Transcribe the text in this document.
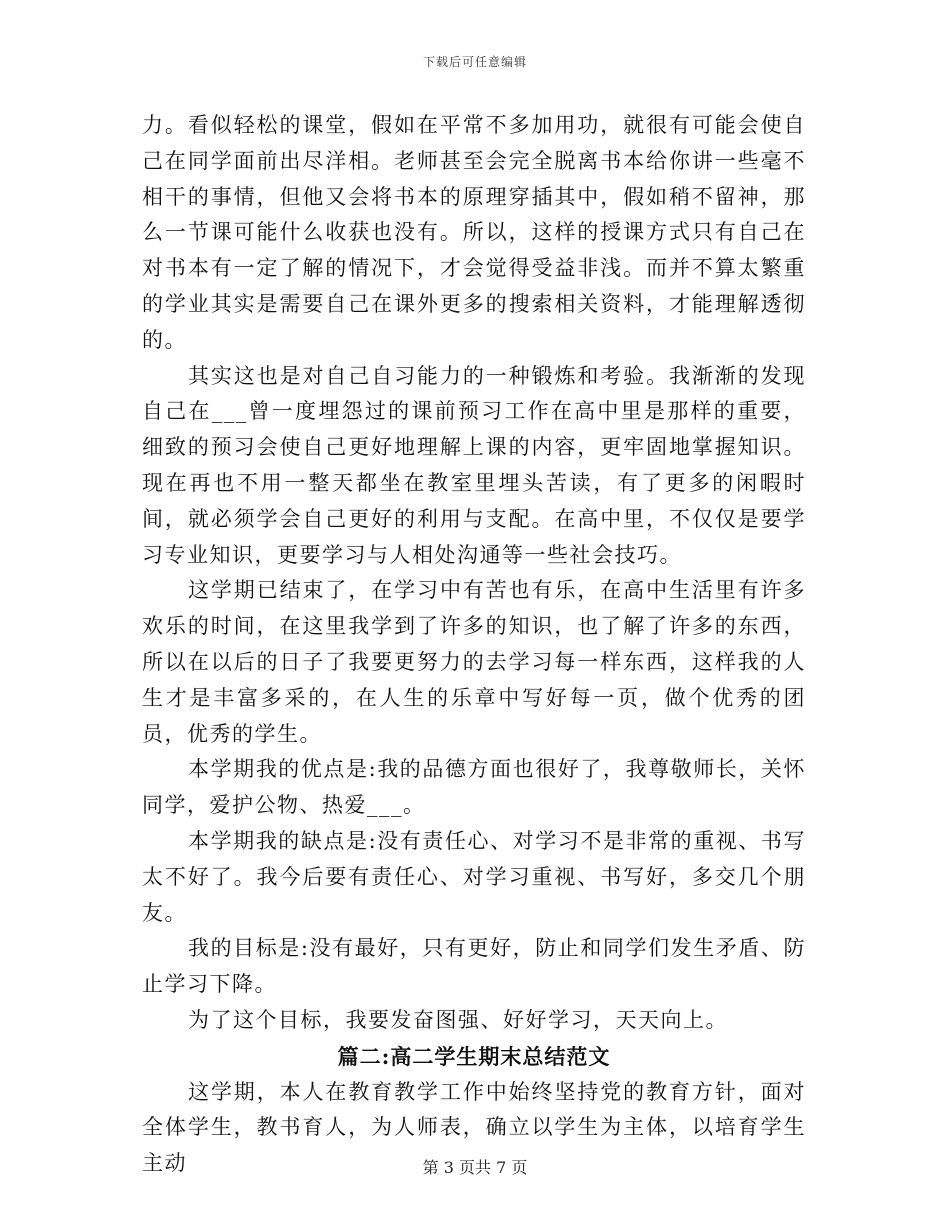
下载后可任意编辑

力。看似轻松的课堂，假如在平常不多加用功，就很有可能会使自己在同学面前出尽洋相。老师甚至会完全脱离书本给你讲一些毫不相干的事情，但他又会将书本的原理穿插其中，假如稍不留神，那么一节课可能什么收获也没有。所以，这样的授课方式只有自己在对书本有一定了解的情况下，才会觉得受益非浅。而并不算太繁重的学业其实是需要自己在课外更多的搜索相关资料，才能理解透彻的。

其实这也是对自己自习能力的一种锻炼和考验。我渐渐的发现自己在___曾一度埋怨过的课前预习工作在高中里是那样的重要，细致的预习会使自己更好地理解上课的内容，更牢固地掌握知识。现在再也不用一整天都坐在教室里埋头苦读，有了更多的闲暇时间，就必须学会自己更好的利用与支配。在高中里，不仅仅是要学习专业知识，更要学习与人相处沟通等一些社会技巧。

这学期已结束了，在学习中有苦也有乐，在高中生活里有许多欢乐的时间，在这里我学到了许多的知识，也了解了许多的东西，所以在以后的日子了我要更努力的去学习每一样东西，这样我的人生才是丰富多采的，在人生的乐章中写好每一页，做个优秀的团员，优秀的学生。

本学期我的优点是:我的品德方面也很好了，我尊敬师长，关怀同学，爱护公物、热爱___。

本学期我的缺点是:没有责任心、对学习不是非常的重视、书写太不好了。我今后要有责任心、对学习重视、书写好，多交几个朋友。

我的目标是:没有最好，只有更好，防止和同学们发生矛盾、防止学习下降。

为了这个目标，我要发奋图强、好好学习，天天向上。

篇二:高二学生期末总结范文

这学期，本人在教育教学工作中始终坚持党的教育方针，面对全体学生，教书育人，为人师表，确立以学生为主体，以培育学生主动	第 3 页共 7 页
